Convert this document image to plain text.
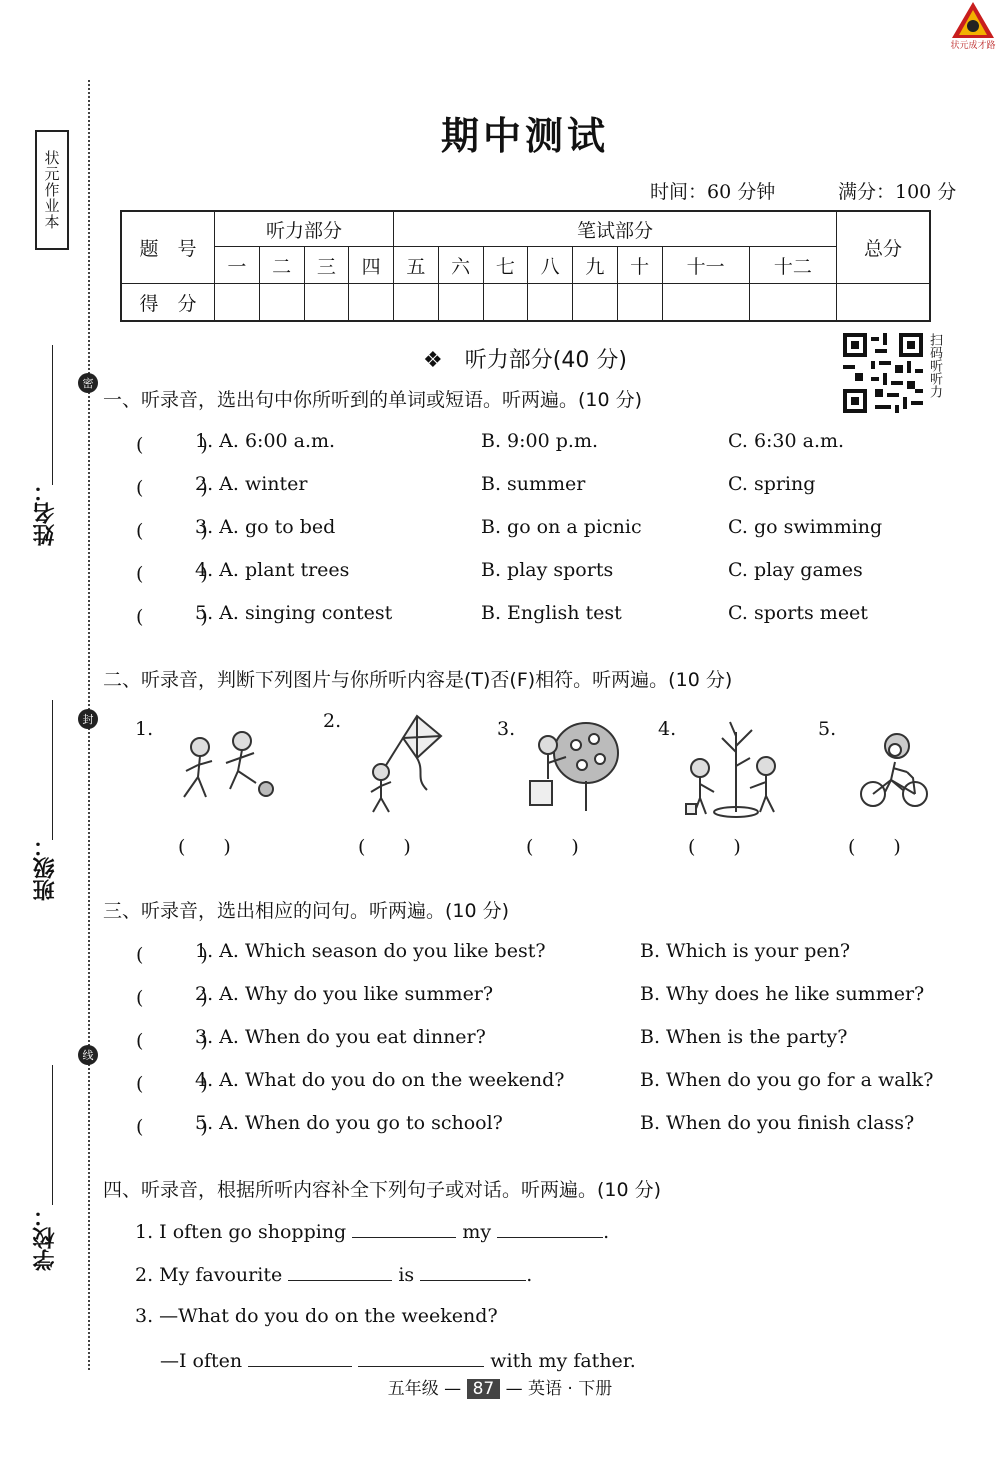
状元成才路
状元作业本
密
封
线
姓名：
班级：
学校：
期中测试
时间：60 分钟	满分：100 分
题　号	听力部分				笔试部分								总分
	一	二	三	四	五	六	七	八	九	十	十一	十二	
得　分													
❖　听力部分(40 分)	扫码听听力
一、听录音，选出句中你所听到的单词或短语。听两遍。(10 分)
(　　　)
1. A. 6:00 a.m.	B. 9:00 p.m.	C. 6:30 a.m.
(　　　)
2. A. winter	B. summer	C. spring
(　　　)
3. A. go to bed	B. go on a picnic	C. go swimming
(　　　)
4. A. plant trees	B. play sports	C. play games
(　　　)
5. A. singing contest	B. English test	C. sports meet
二、听录音，判断下列图片与你所听内容是(T)否(F)相符。听两遍。(10 分)
1.
(　　)
2.
(　　)
3.
(　　)
4.
(　　)
5.
(　　)
三、听录音，选出相应的问句。听两遍。(10 分)
(　　　)
1. A. Which season do you like best?	B. Which is your pen?
(　　　)
2. A. Why do you like summer?	B. Why does he like summer?
(　　　)
3. A. When do you eat dinner?	B. When is the party?
(　　　)
4. A. What do you do on the weekend?	B. When do you go for a walk?
(　　　)
5. A. When do you go to school?	B. When do you finish class?
四、听录音，根据所听内容补全下列句子或对话。听两遍。(10 分)
1. I often go shopping	my	.
2. My favourite	is	.
3. —What do you do on the weekend?
—I often	with my father.
五年级 — 87 — 英语 · 下册
